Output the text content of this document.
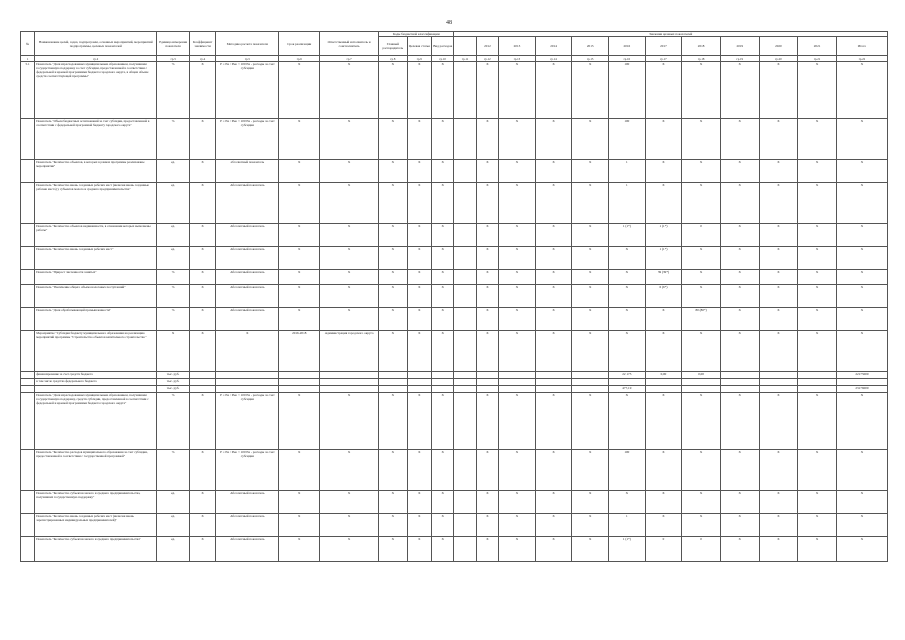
48
№	Наименование целей, задач, подпрограмм, основных мероприятий, мероприятий подпрограммы, целевых показателей	Единица измерения показателя	Коэффициент значимости	Методика расчета показателя	Срок реализации	Ответственный исполнитель и соисполнитель	Коды бюджетной классификации			Значения целевых показателей											
							Главный распорядитель	Целевая статья	Вид расходов		2012	2013	2014	2015	2016	2017	2018	2019	2020	2021	Итого
1	гр.2	гр.3	гр.4	гр.5	гр.6	гр.7	гр.8	гр.9	гр.10	гр.11	гр.12	гр.13	гр.14	гр.15	гр.16	гр.17	гр.18	гр.19	гр.20	гр.21	гр.22
5.1	Показатель "Доля израсходованных муниципальным образованием, получившим государственную поддержку за счет субсидии, предоставленной в соответствии с федеральной и краевой программами бюджета городского округа, в общем объеме средств соответствующей программы"	%	Х	Р = Ри / Рмо × 100 Ри - расходы за счет субсидии	Х	Х	Х	Х	Х		Х	Х	Х	Х	100	Х	Х	Х	Х	Х	Х
	Показатель "Объем бюджетных ассигнований за счет субсидии, предоставленной в соответствии с федеральной программой бюджету городского округа"	%	Х	Р = Ри / Рмо × 100 Ри - расходы за счет субсидии	Х	Х	Х	Х	Х		Х	Х	Х	Х	100	Х	Х	Х	Х	Х	Х
	Показатель "Количество объектов, в которых в рамках программы реализованы мероприятия"	ед.	Х	абсолютный показатель	Х	Х	Х	Х	Х		Х	Х	Х	Х	1	Х	Х	Х	Х	Х	Х
	Показатель "Количество вновь созданных рабочих мест (включая вновь созданные рабочие места) у субъектов малого и среднего предпринимательства"	ед.	Х	Абсолютный показатель	Х	Х	Х	Х	Х		Х	Х	Х	Х	1	Х	Х	Х	Х	Х	Х
	Показатель "Количество объектов недвижимости, в отношении которых выполнены работы"	ед.	Х	Абсолютный показатель	Х	Х	Х	Х	Х		Х	Х	Х	Х	1 (1*)	1 (1*)	0	Х	Х	Х	Х
	Показатель "Количество вновь созданных рабочих мест"	ед.	Х	Абсолютный показатель	Х	Х	Х	Х	Х		Х	Х	Х	Х	Х	1 (1*)	Х	Х	Х	Х	Х
	Показатель "Прирост численности занятых"	%	Х	Абсолютный показатель	Х	Х	Х	Х	Х		Х	Х	Х	Х	Х	39 (39*)	Х	Х	Х	Х	Х
	Показатель "Увеличение общего объема налоговых поступлений"	%	Х	Абсолютный показатель	Х	Х	Х	Х	Х		Х	Х	Х	Х	Х	6 (6*)	Х	Х	Х	Х	Х
	Показатель "Доля обрабатывающей промышленности"	%	Х	Абсолютный показатель	Х	Х	Х	Х	Х		Х	Х	Х	Х	Х	Х	80 (80*)	Х	Х	Х	Х
	Мероприятие "Субсидия бюджету муниципального образования на реализацию мероприятий программы "Строительство объектов капитального строительства "	Х	Х	Х	2016-2018	Администрация городского округа	Х	Х	Х		Х	Х	Х	Х	Х	Х	Х	Х	Х	Х	Х
	финансирование за счет средств бюджета	тыс. руб.													22 175	0,00	0,00				22175000
	в том числе средства федерального бюджета	тыс. руб.																			
		тыс. руб.													477,19						23176000
	Показатель "Доля израсходованных муниципальным образованием, получившим государственную поддержку, средств субсидии, предоставленной в соответствии с федеральной и краевой программами бюджета городского округа"	%	Х	Р = Ри / Рмо × 100 Ри - расходы за счет субсидии	Х	Х	Х	Х	Х		Х	Х	Х	Х	Х	Х	Х	Х	Х	Х	Х
	Показатель "Количество расходов муниципального образования за счет субсидии, предоставленной в соответствии с государственной программой"	%	Х	Р = Ри / Рмо × 100 Ри - расходы за счет субсидии	Х	Х	Х	Х	Х		Х	Х	Х	Х	100	Х	Х	Х	Х	Х	Х
	Показатель "Количество субъектов малого и среднего предпринимательства, получивших государственную поддержку"	ед.	Х	Абсолютный показатель	Х	Х	Х	Х	Х		Х	Х	Х	Х	Х	Х	Х	Х	Х	Х	Х
	Показатель "Количество вновь созданных рабочих мест (включая вновь зарегистрированных индивидуальных предпринимателей)"	ед.	Х	Абсолютный показатель	Х	Х	Х	Х	Х		Х	Х	Х	Х	1	Х	Х	Х	Х	Х	Х
	Показатель "Количество субъектов малого и среднего предпринимательства"	ед.	Х	Абсолютный показатель	Х	Х	Х	Х	Х		Х	Х	Х	Х	1 (1*)	0	0	Х	Х	Х	Х
